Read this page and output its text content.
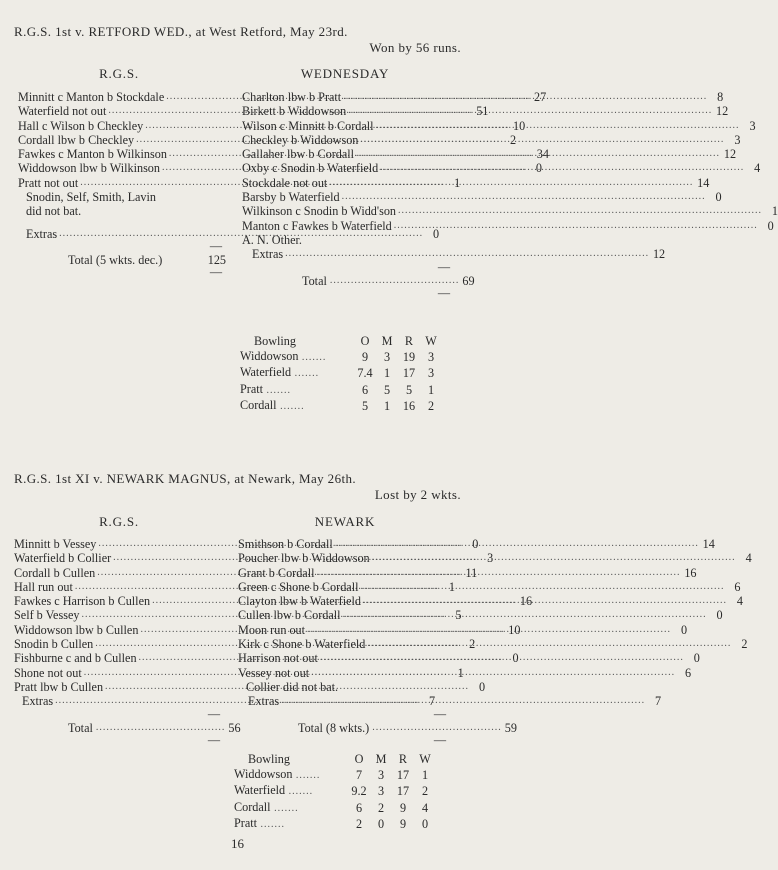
R.G.S. 1st v. RETFORD WED., at West Retford, May 23rd.
Won by 56 runs.
R.G.S.	WEDNESDAY
Minnitt c Manton b Stockdale .....	27
Waterfield not out .....	51
Hall c Wilson b Checkley .....	10
Cordall lbw b Checkley .....	2
Fawkes c Manton b Wilkinson .....	34
Widdowson lbw b Wilkinson .....	0
Pratt not out .....	1
Snodin, Self, Smith, Lavin
did not bat.
Extras .....	0
—
Total (5 wkts. dec.)	125
—
Charlton lbw b Pratt .....	8
Birkett b Widdowson .....	12
Wilson c Minnitt b Cordall .....	3
Checkley b Widdowson .....	3
Gallaher lbw b Cordall .....	12
Oxby c Snodin b Waterfield .....	4
Stockdale not out .....	14
Barsby b Waterfield .....	0
Wilkinson c Snodin b Widd'son .....	1
Manton c Fawkes b Waterfield .....	0
A. N. Other.
Extras .....	12
—
Total ..................................... 69
—
Bowling	O	M	R	W
Widdowson .......	9	3	19	3
Waterfield .......	7.4	1	17	3
Pratt .......	6	5	5	1
Cordall .......	5	1	16	2
R.G.S. 1st XI v. NEWARK MAGNUS, at Newark, May 26th.
Lost by 2 wkts.
R.G.S.	NEWARK
Minnitt b Vessey .....	0
Waterfield b Collier .....	3
Cordall b Cullen .....	11
Hall run out .....	1
Fawkes c Harrison b Cullen .....	16
Self b Vessey .....	5
Widdowson lbw b Cullen .....	10
Snodin b Cullen .....	2
Fishburne c and b Cullen .....	0
Shone not out .....	1
Pratt lbw b Cullen .....	0
Extras .....	7
—
Total ..................................... 56
—
Smithson b Cordall .....	14
Poucher lbw b Widdowson .....	4
Grant b Cordall .....	16
Green c Shone b Cordall .....	6
Clayton lbw b Waterfield .....	4
Cullen lbw b Cordall .....	0
Moon run out .....	0
Kirk c Shone b Waterfield .....	2
Harrison not out .....	0
Vessey not out .....	6
Collier did not bat.
Extras .....	7
—
Total (8 wkts.) ..................................... 59
—
Bowling	O	M	R	W
Widdowson .......	7	3	17	1
Waterfield .......	9.2	3	17	2
Cordall .......	6	2	9	4
Pratt .......	2	0	9	0
16
